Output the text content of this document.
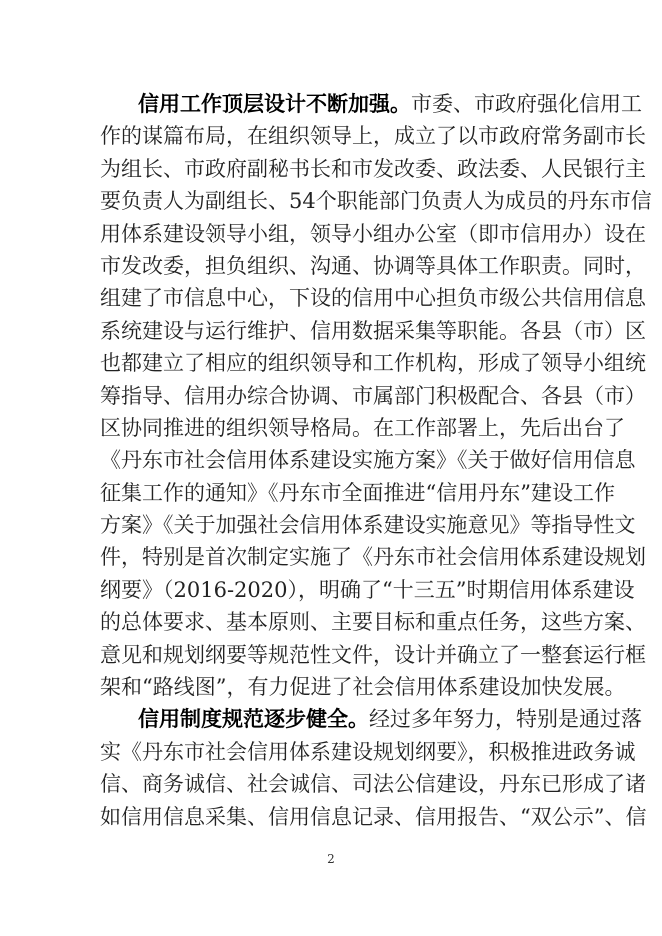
信用工作顶层设计不断加强。市委、市政府强化信用工
作的谋篇布局，在组织领导上，成立了以市政府常务副市长
为组长、市政府副秘书长和市发改委、政法委、人民银行主
要负责人为副组长、54个职能部门负责人为成员的丹东市信
用体系建设领导小组，领导小组办公室（即市信用办）设在
市发改委，担负组织、沟通、协调等具体工作职责。同时，
组建了市信息中心，下设的信用中心担负市级公共信用信息
系统建设与运行维护、信用数据采集等职能。各县（市）区
也都建立了相应的组织领导和工作机构，形成了领导小组统
筹指导、信用办综合协调、市属部门积极配合、各县（市）
区协同推进的组织领导格局。在工作部署上，先后出台了
《丹东市社会信用体系建设实施方案》《关于做好信用信息
征集工作的通知》《丹东市全面推进“信用丹东”建设工作
方案》《关于加强社会信用体系建设实施意见》等指导性文
件，特别是首次制定实施了《丹东市社会信用体系建设规划
纲要》（2016-2020），明确了“十三五”时期信用体系建设
的总体要求、基本原则、主要目标和重点任务，这些方案、
意见和规划纲要等规范性文件，设计并确立了一整套运行框
架和“路线图”，有力促进了社会信用体系建设加快发展。
信用制度规范逐步健全。经过多年努力，特别是通过落
实《丹东市社会信用体系建设规划纲要》，积极推进政务诚
信、商务诚信、社会诚信、司法公信建设，丹东已形成了诸
如信用信息采集、信用信息记录、信用报告、“双公示”、信
2
